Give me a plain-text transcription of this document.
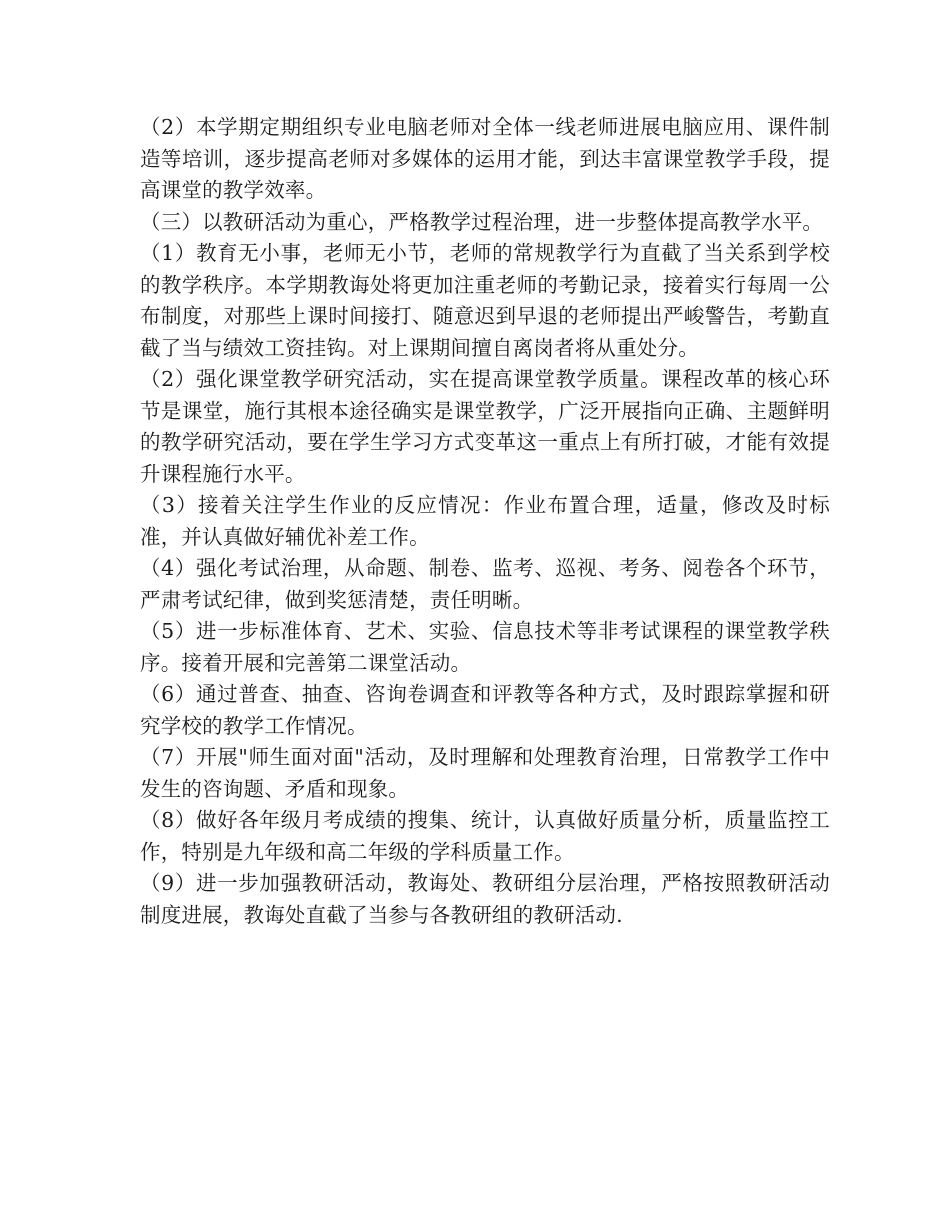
（2）本学期定期组织专业电脑老师对全体一线老师进展电脑应用、课件制造等培训，逐步提高老师对多媒体的运用才能，到达丰富课堂教学手段，提高课堂的教学效率。

（三）以教研活动为重心，严格教学过程治理，进一步整体提高教学水平。

（1）教育无小事，老师无小节，老师的常规教学行为直截了当关系到学校的教学秩序。本学期教诲处将更加注重老师的考勤记录，接着实行每周一公布制度，对那些上课时间接打、随意迟到早退的老师提出严峻警告，考勤直截了当与绩效工资挂钩。对上课期间擅自离岗者将从重处分。

（2）强化课堂教学研究活动，实在提高课堂教学质量。课程改革的核心环节是课堂，施行其根本途径确实是课堂教学，广泛开展指向正确、主题鲜明的教学研究活动，要在学生学习方式变革这一重点上有所打破，才能有效提升课程施行水平。

（3）接着关注学生作业的反应情况：作业布置合理，适量，修改及时标准，并认真做好辅优补差工作。

（4）强化考试治理，从命题、制卷、监考、巡视、考务、阅卷各个环节，严肃考试纪律，做到奖惩清楚，责任明晰。

（5）进一步标准体育、艺术、实验、信息技术等非考试课程的课堂教学秩序。接着开展和完善第二课堂活动。

（6）通过普查、抽查、咨询卷调查和评教等各种方式，及时跟踪掌握和研究学校的教学工作情况。

（7）开展"师生面对面"活动，及时理解和处理教育治理，日常教学工作中发生的咨询题、矛盾和现象。

（8）做好各年级月考成绩的搜集、统计，认真做好质量分析，质量监控工作，特别是九年级和高二年级的学科质量工作。

（9）进一步加强教研活动，教诲处、教研组分层治理，严格按照教研活动制度进展，教诲处直截了当参与各教研组的教研活动.
